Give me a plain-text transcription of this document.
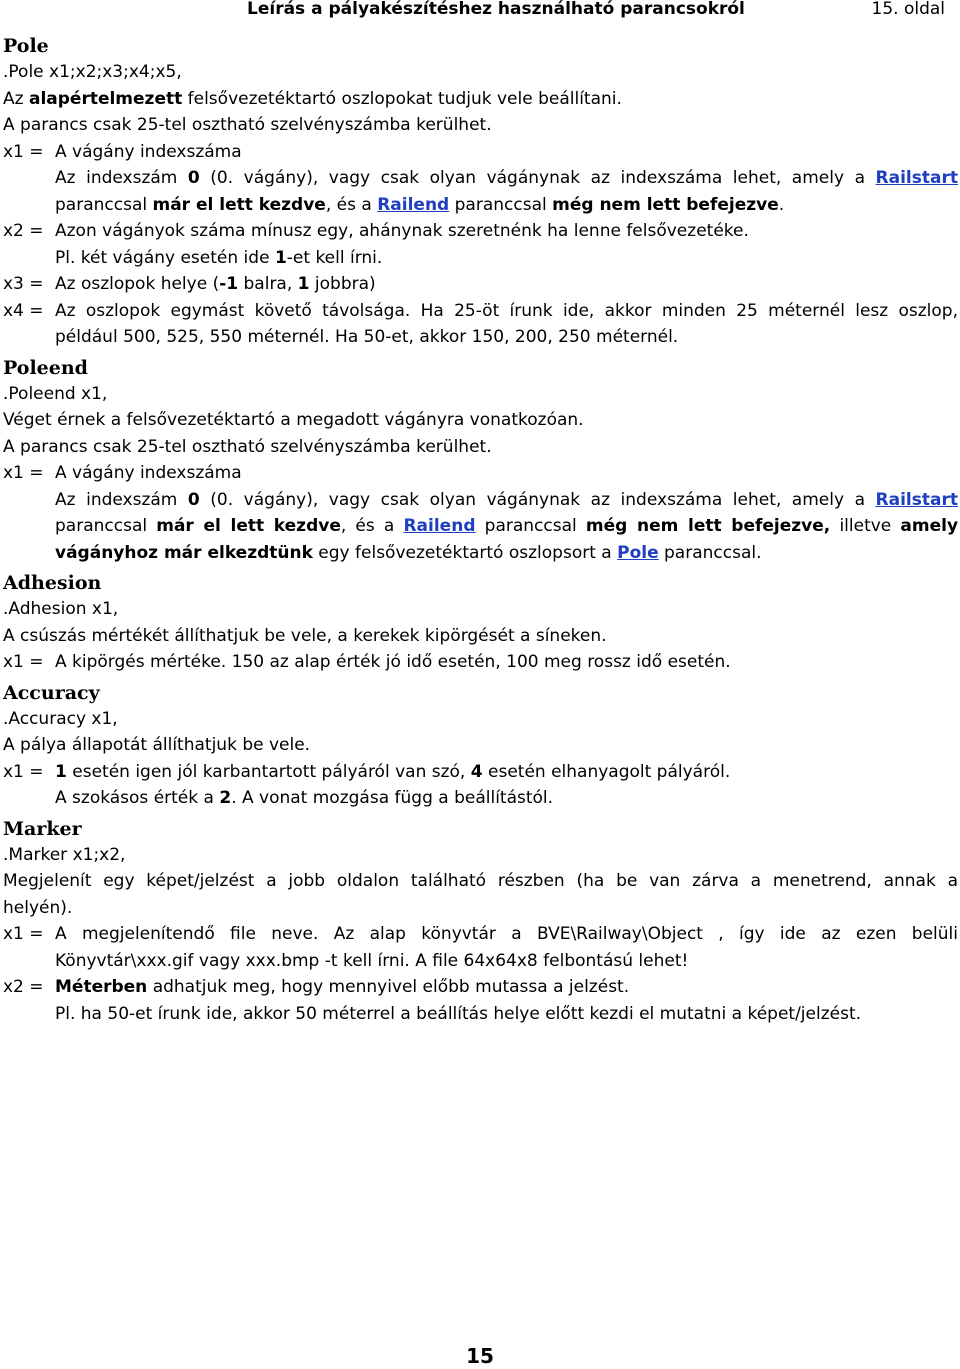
Leírás a pályakészítéshez használható parancsokról	15. oldal
Pole
.Pole x1;x2;x3;x4;x5,
Az alapértelmezett felsővezetéktartó oszlopokat tudjuk vele beállítani.
A parancs csak 25-tel osztható szelvényszámba kerülhet.
x1 = A vágány indexszáma
Az indexszám 0 (0. vágány), vagy csak olyan vágánynak az indexszáma lehet, amely a Railstart
paranccsal már el lett kezdve, és a Railend paranccsal még nem lett befejezve.
x2 = Azon vágányok száma mínusz egy, ahánynak szeretnénk ha lenne felsővezetéke.
Pl. két vágány esetén ide 1-et kell írni.
x3 = Az oszlopok helye (-1 balra, 1 jobbra)
x4 = Az oszlopok egymást követő távolsága. Ha 25-öt írunk ide, akkor minden 25 méternél lesz oszlop,
például 500, 525, 550 méternél. Ha 50-et, akkor 150, 200, 250 méternél.
Poleend
.Poleend x1,
Véget érnek a felsővezetéktartó a megadott vágányra vonatkozóan.
A parancs csak 25-tel osztható szelvényszámba kerülhet.
x1 = A vágány indexszáma
Az indexszám 0 (0. vágány), vagy csak olyan vágánynak az indexszáma lehet, amely a Railstart
paranccsal már el lett kezdve, és a Railend paranccsal még nem lett befejezve, illetve amely
vágányhoz már elkezdtünk egy felsővezetéktartó oszlopsort a Pole paranccsal.
Adhesion
.Adhesion x1,
A csúszás mértékét állíthatjuk be vele, a kerekek kipörgését a síneken.
x1 = A kipörgés mértéke. 150 az alap érték jó idő esetén, 100 meg rossz idő esetén.
Accuracy
.Accuracy x1,
A pálya állapotát állíthatjuk be vele.
x1 = 1 esetén igen jól karbantartott pályáról van szó, 4 esetén elhanyagolt pályáról.
A szokásos érték a 2. A vonat mozgása függ a beállítástól.
Marker
.Marker x1;x2,
Megjelenít egy képet/jelzést a jobb oldalon található részben (ha be van zárva a menetrend, annak a
helyén).
x1 = A megjelenítendő file neve. Az alap könyvtár a BVE\Railway\Object , így ide az ezen belüli
Könyvtár\xxx.gif vagy xxx.bmp -t kell írni. A file 64x64x8 felbontású lehet!
x2 = Méterben adhatjuk meg, hogy mennyivel előbb mutassa a jelzést.
Pl. ha 50-et írunk ide, akkor 50 méterrel a beállítás helye előtt kezdi el mutatni a képet/jelzést.
15
